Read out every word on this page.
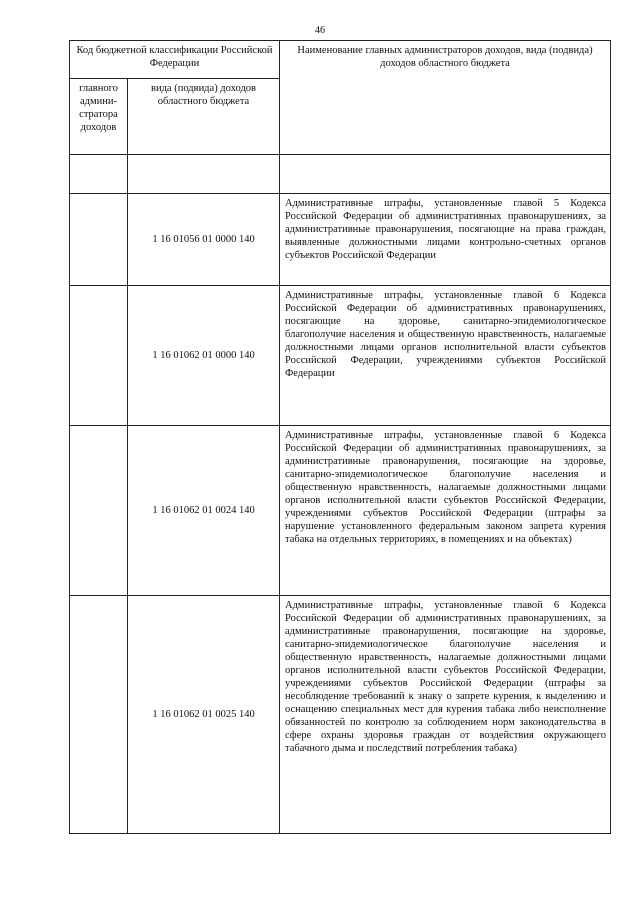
46
Код бюджетной классификации Российской Федерации		Наименование главных администраторов доходов, вида (подвида) доходов областного бюджета
главного админи-стратора доходов	вида (подвида) доходов областного бюджета	

	1 16 01056 01 0000 140	Административные штрафы, установленные главой 5 Кодекса Российской Федерации об административных правонарушениях, за административные правонарушения, посягающие на права граждан, выявленные должностными лицами контрольно-счетных органов субъектов Российской Федерации
	1 16 01062 01 0000 140	Административные штрафы, установленные главой 6 Кодекса Российской Федерации об административных правонарушениях, посягающие на здоровье, санитарно-эпидемиологическое благополучие населения и общественную нравственность, налагаемые должностными лицами органов исполнительной власти субъектов Российской Федерации, учреждениями субъектов Российской Федерации
	1 16 01062 01 0024 140	Административные штрафы, установленные главой 6 Кодекса Российской Федерации об административных правонарушениях, за административные правонарушения, посягающие на здоровье, санитарно-эпидемиологическое благополучие населения и общественную нравственность, налагаемые должностными лицами органов исполнительной власти субъектов Российской Федерации, учреждениями субъектов Российской Федерации (штрафы за нарушение установленного федеральным законом запрета курения табака на отдельных территориях, в помещениях и на объектах)
	1 16 01062 01 0025 140	Административные штрафы, установленные главой 6 Кодекса Российской Федерации об административных правонарушениях, за административные правонарушения, посягающие на здоровье, санитарно-эпидемиологическое благополучие населения и общественную нравственность, налагаемые должностными лицами органов исполнительной власти субъектов Российской Федерации, учреждениями субъектов Российской Федерации (штрафы за несоблюдение требований к знаку о запрете курения, к выделению и оснащению специальных мест для курения табака либо неисполнение обязанностей по контролю за соблюдением норм законодательства в сфере охраны здоровья граждан от воздействия окружающего табачного дыма и последствий потребления табака)
